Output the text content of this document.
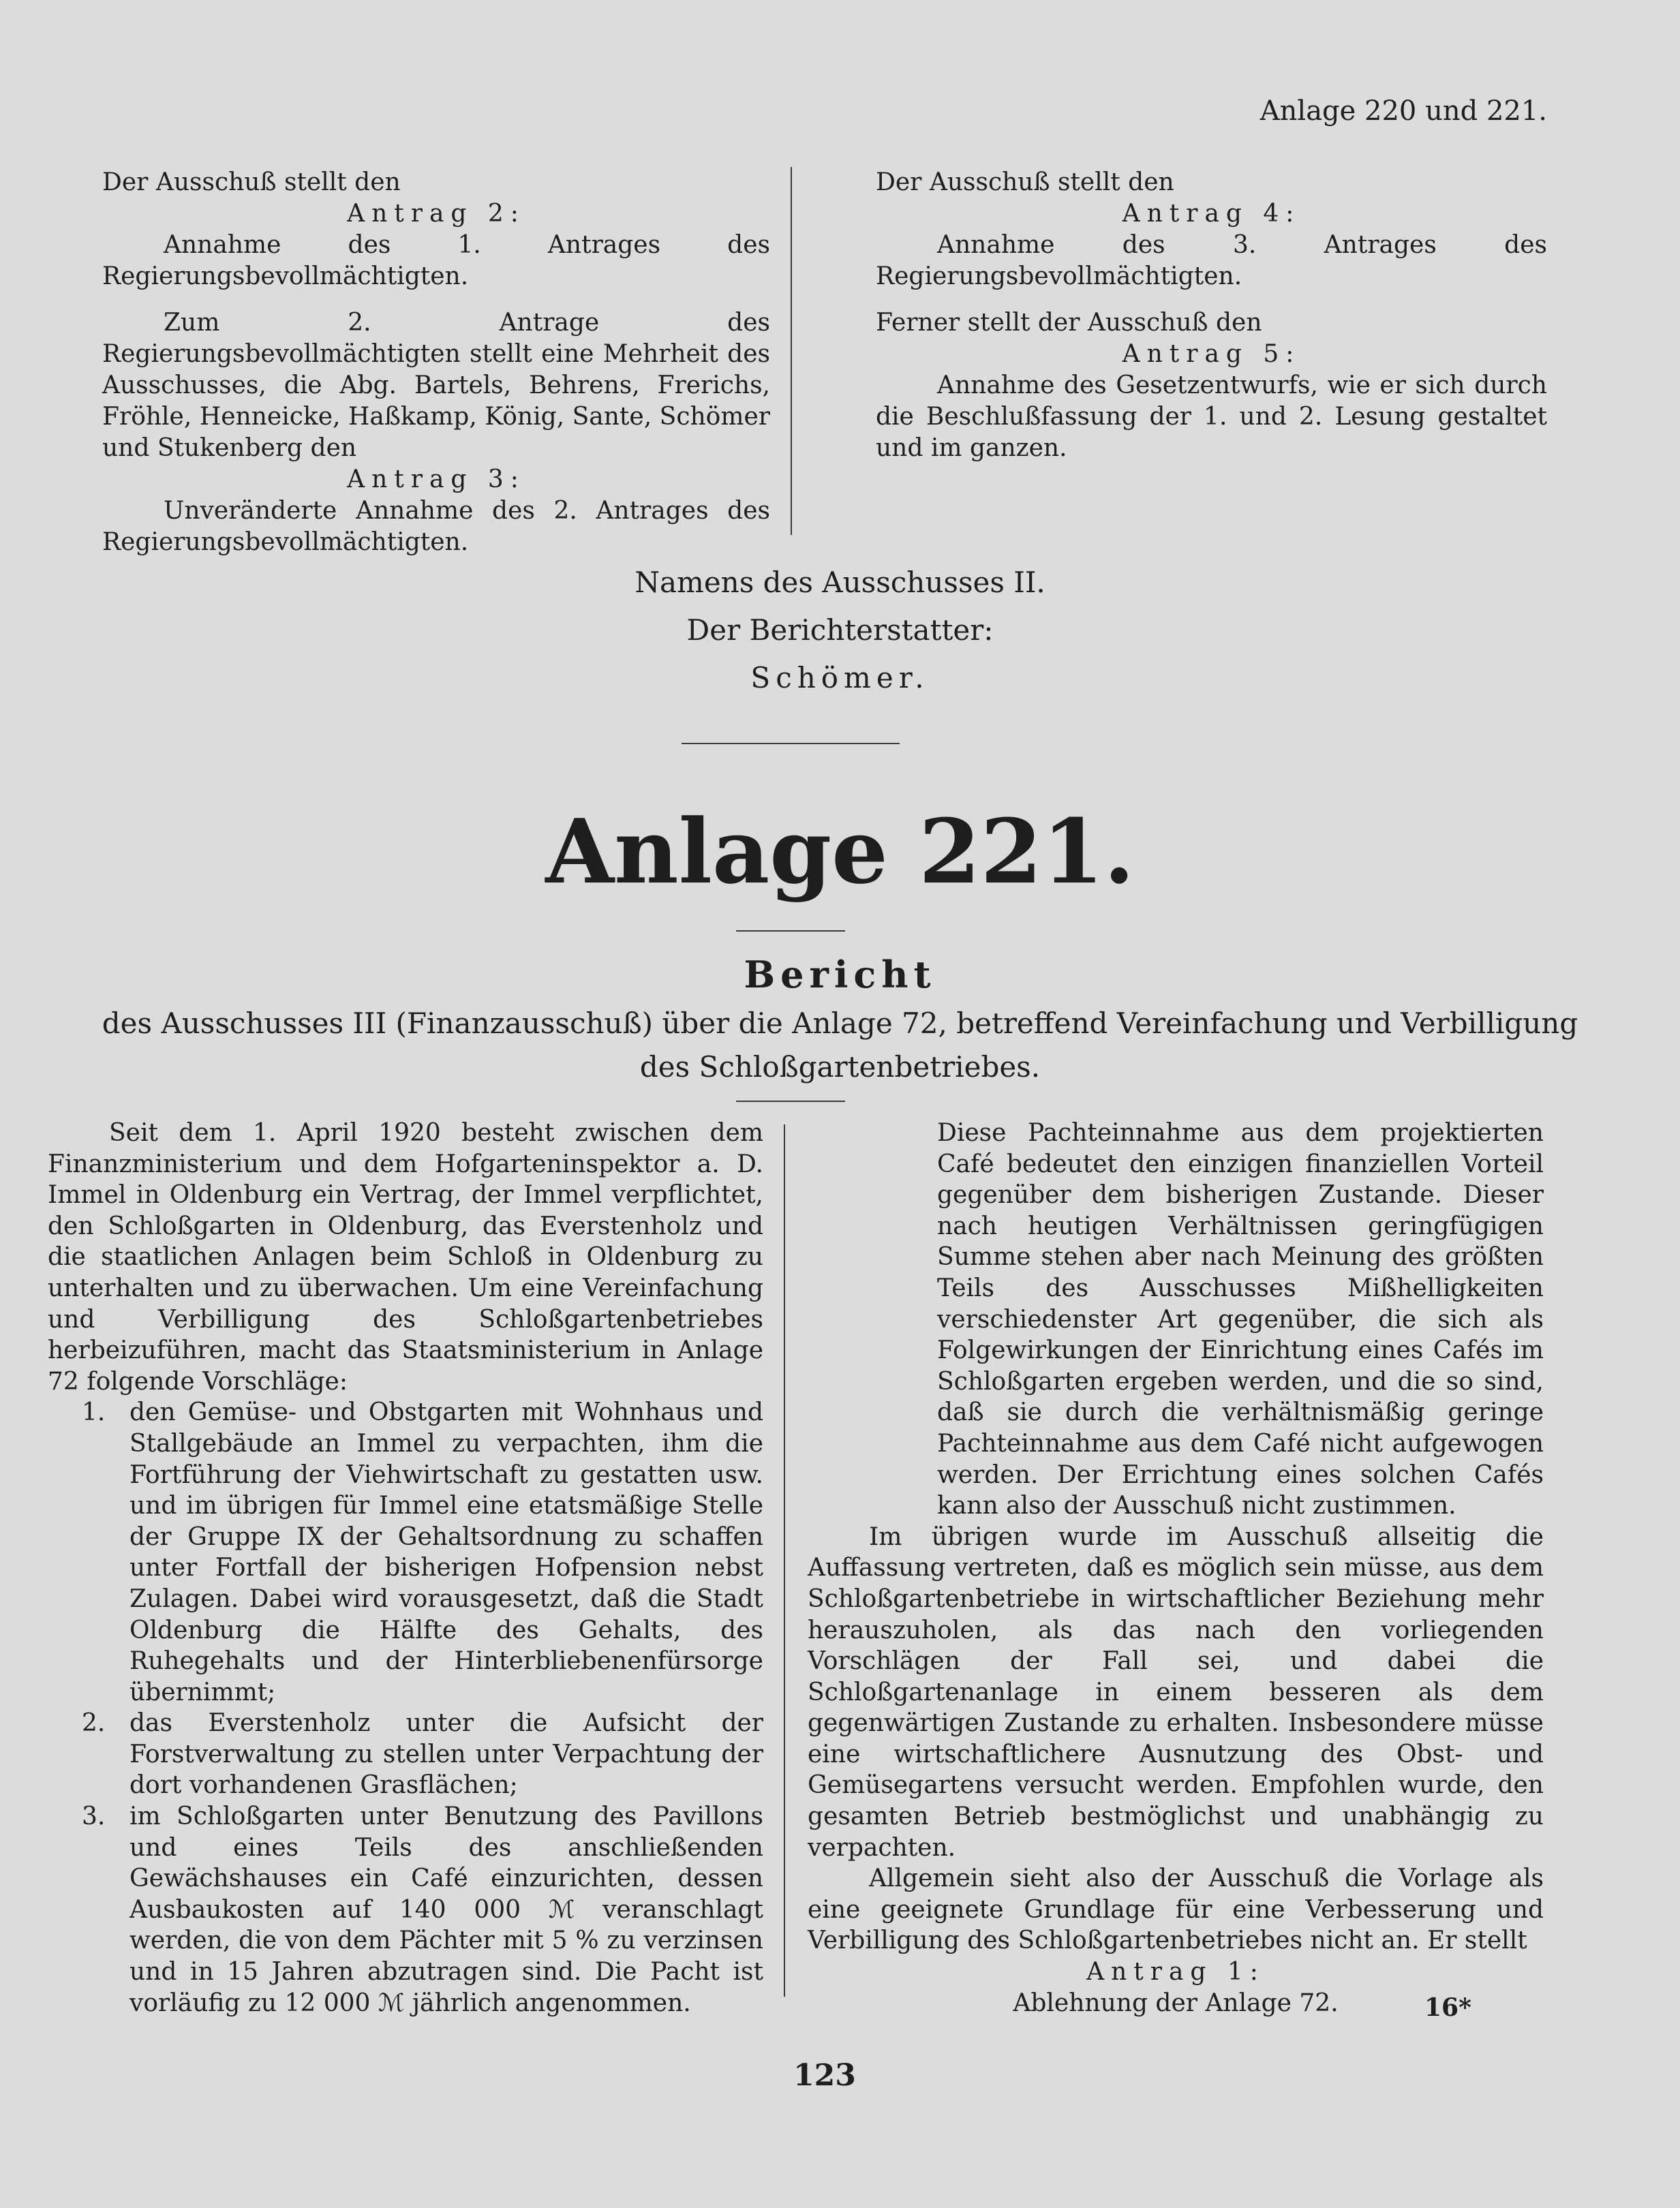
Anlage 220 und 221.

Der Ausschuß stellt den

Antrag 2:

Annahme des 1. Antrages des Regierungsbevollmächtigten.

Zum 2. Antrage des Regierungsbevollmächtigten stellt eine Mehrheit des Ausschusses, die Abg. Bartels, Behrens, Frerichs, Fröhle, Henneicke, Haßkamp, König, Sante, Schömer und Stukenberg den

Antrag 3:

Unveränderte Annahme des 2. Antrages des Regierungsbevollmächtigten.

Der Ausschuß stellt den

Antrag 4:

Annahme des 3. Antrages des Regierungsbevollmächtigten.

Ferner stellt der Ausschuß den

Antrag 5:

Annahme des Gesetzentwurfs, wie er sich durch die Beschlußfassung der 1. und 2. Lesung gestaltet und im ganzen.

Namens des Ausschusses II.

Der Berichterstatter:

Schömer.

Anlage 221.
Bericht

des Ausschusses III (Finanzausschuß) über die Anlage 72, betreffend Vereinfachung und Verbilligung

des Schloßgartenbetriebes.

Seit dem 1. April 1920 besteht zwischen dem Finanzministerium und dem Hofgarteninspektor a. D. Immel in Oldenburg ein Vertrag, der Immel verpflichtet, den Schloßgarten in Oldenburg, das Everstenholz und die staatlichen Anlagen beim Schloß in Oldenburg zu unterhalten und zu überwachen. Um eine Vereinfachung und Verbilligung des Schloßgartenbetriebes herbeizuführen, macht das Staatsministerium in Anlage 72 folgende Vorschläge:

1. den Gemüse- und Obstgarten mit Wohnhaus und Stallgebäude an Immel zu verpachten, ihm die Fortführung der Viehwirtschaft zu gestatten usw. und im übrigen für Immel eine etatsmäßige Stelle der Gruppe IX der Gehaltsordnung zu schaffen unter Fortfall der bisherigen Hofpension nebst Zulagen. Dabei wird vorausgesetzt, daß die Stadt Oldenburg die Hälfte des Gehalts, des Ruhegehalts und der Hinterbliebenenfürsorge übernimmt;
2. das Everstenholz unter die Aufsicht der Forstverwaltung zu stellen unter Verpachtung der dort vorhandenen Grasflächen;
3. im Schloßgarten unter Benutzung des Pavillons und eines Teils des anschließenden Gewächshauses ein Café einzurichten, dessen Ausbaukosten auf 140 000 ℳ veranschlagt werden, die von dem Pächter mit 5 % zu verzinsen und in 15 Jahren abzutragen sind. Die Pacht ist vorläufig zu 12 000 ℳ jährlich angenommen.

Diese Pachteinnahme aus dem projektierten Café bedeutet den einzigen finanziellen Vorteil gegenüber dem bisherigen Zustande. Dieser nach heutigen Verhältnissen geringfügigen Summe stehen aber nach Meinung des größten Teils des Ausschusses Mißhelligkeiten verschiedenster Art gegenüber, die sich als Folgewirkungen der Einrichtung eines Cafés im Schloßgarten ergeben werden, und die so sind, daß sie durch die verhältnismäßig geringe Pachteinnahme aus dem Café nicht aufgewogen werden. Der Errichtung eines solchen Cafés kann also der Ausschuß nicht zustimmen.

Im übrigen wurde im Ausschuß allseitig die Auffassung vertreten, daß es möglich sein müsse, aus dem Schloßgartenbetriebe in wirtschaftlicher Beziehung mehr herauszuholen, als das nach den vorliegenden Vorschlägen der Fall sei, und dabei die Schloßgartenanlage in einem besseren als dem gegenwärtigen Zustande zu erhalten. Insbesondere müsse eine wirtschaftlichere Ausnutzung des Obst- und Gemüsegartens versucht werden. Empfohlen wurde, den gesamten Betrieb bestmöglichst und unabhängig zu verpachten.

Allgemein sieht also der Ausschuß die Vorlage als eine geeignete Grundlage für eine Verbesserung und Verbilligung des Schloßgartenbetriebes nicht an. Er stellt

Antrag 1:

Ablehnung der Anlage 72.	16*
123
